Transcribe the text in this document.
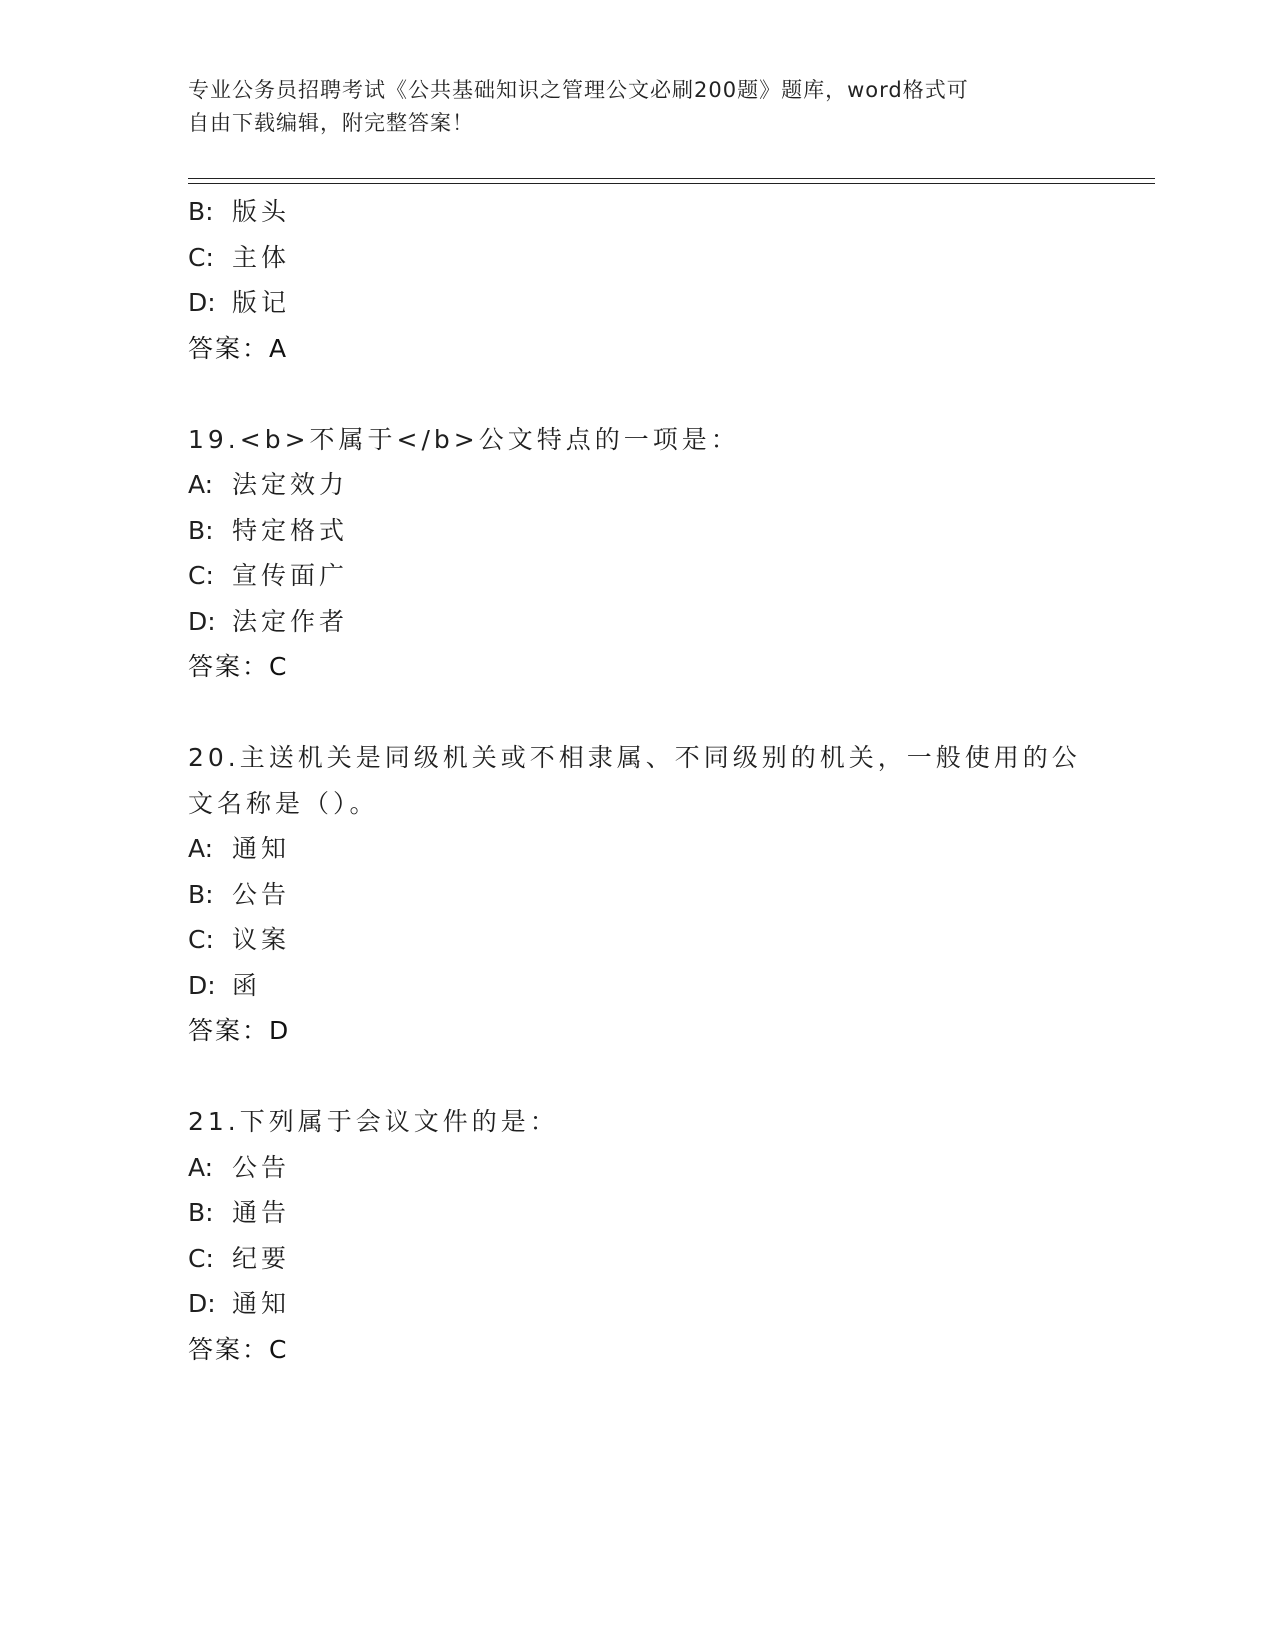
专业公务员招聘考试《公共基础知识之管理公文必刷200题》题库，word格式可
自由下载编辑，附完整答案！
B: 版头
C: 主体
D: 版记
答案：A
19.<b>不属于</b>公文特点的一项是：
A: 法定效力
B: 特定格式
C: 宣传面广
D: 法定作者
答案：C
20.主送机关是同级机关或不相隶属、不同级别的机关，一般使用的公
文名称是（）。
A: 通知
B: 公告
C: 议案
D: 函
答案：D
21.下列属于会议文件的是：
A: 公告
B: 通告
C: 纪要
D: 通知
答案：C
